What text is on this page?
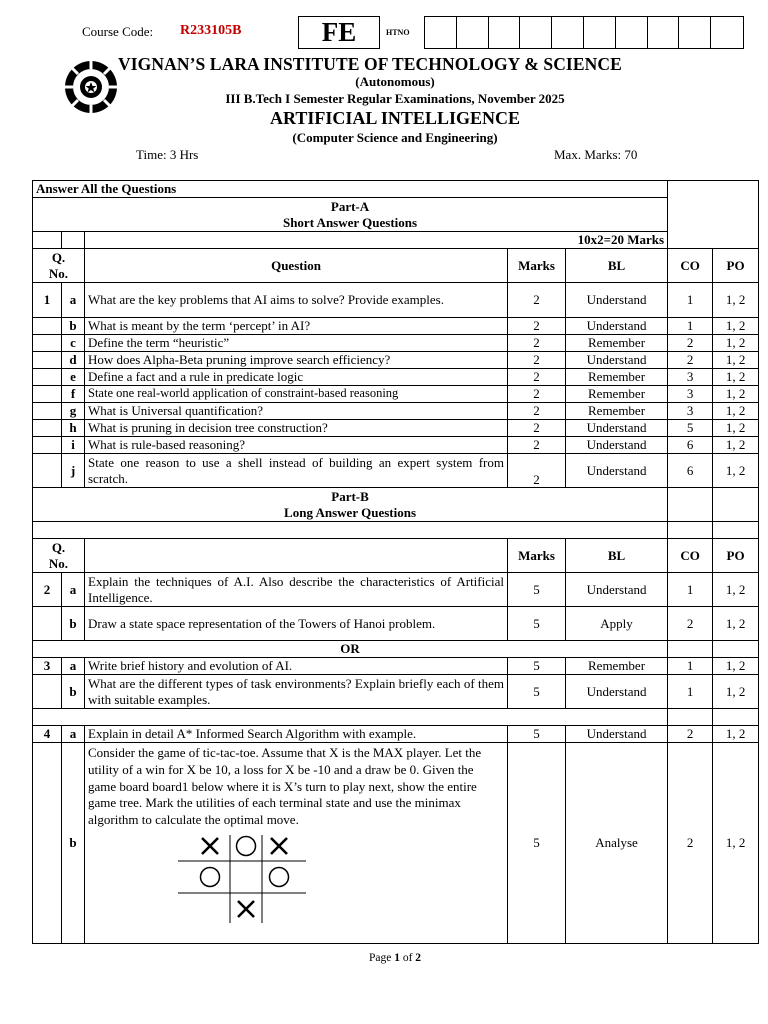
Course Code: R233105B	FE	HTNO
VIGNAN’S LARA INSTITUTE OF TECHNOLOGY & SCIENCE
(Autonomous)
III B.Tech I Semester Regular Examinations, November 2025
ARTIFICIAL INTELLIGENCE
(Computer Science and Engineering)
Time: 3 Hrs	Max. Marks: 70
Answer All the Questions						

Part-A
Short Answer Questions						

		10x2=20 Marks				

Q.
No.		Question	Marks	BL	CO	PO
1	a	What are the key problems that AI aims to solve? Provide examples.	2	Understand	1	1, 2
	b	What is meant by the term ‘percept’ in AI?	2	Understand	1	1, 2
	c	Define the term “heuristic”	2	Remember	2	1, 2
	d	How does Alpha-Beta pruning improve search efficiency?	2	Understand	2	1, 2
	e	Define a fact and a rule in predicate logic	2	Remember	3	1, 2
	f	State one real-world application of constraint-based reasoning	2	Remember	3	1, 2
	g	What is Universal quantification?	2	Remember	3	1, 2
	h	What is pruning in decision tree construction?	2	Understand	5	1, 2
	i	What is rule-based reasoning?	2	Understand	6	1, 2
	j	State one reason to use a shell instead of building an expert system from scratch.	2	Understand	6	1, 2

Part-B
Long Answer Questions						

Q.
No.			Marks	BL	CO	PO
2	a	Explain the techniques of A.I. Also describe the characteristics of Artificial Intelligence.	5	Understand	1	1, 2
	b	Draw a state space representation of the Towers of Hanoi problem.	5	Apply	2	1, 2
OR						
3	a	Write brief history and evolution of AI.	5	Remember	1	1, 2
	b	What are the different types of task environments? Explain briefly each of them with suitable examples.	5	Understand	1	1, 2

4	a	Explain in detail A* Informed Search Algorithm with example.	5	Understand	2	1, 2
	b	Consider the game of tic-tac-toe. Assume that X is the MAX player. Let the utility of a win for X be 10, a loss for X be -10 and a draw be 0. Given the game board board1 below where it is X’s turn to play next, show the entire game tree. Mark the utilities of each terminal state and use the minimax algorithm to calculate the optimal move.	5	Analyse	2	1, 2
Page 1 of 2
